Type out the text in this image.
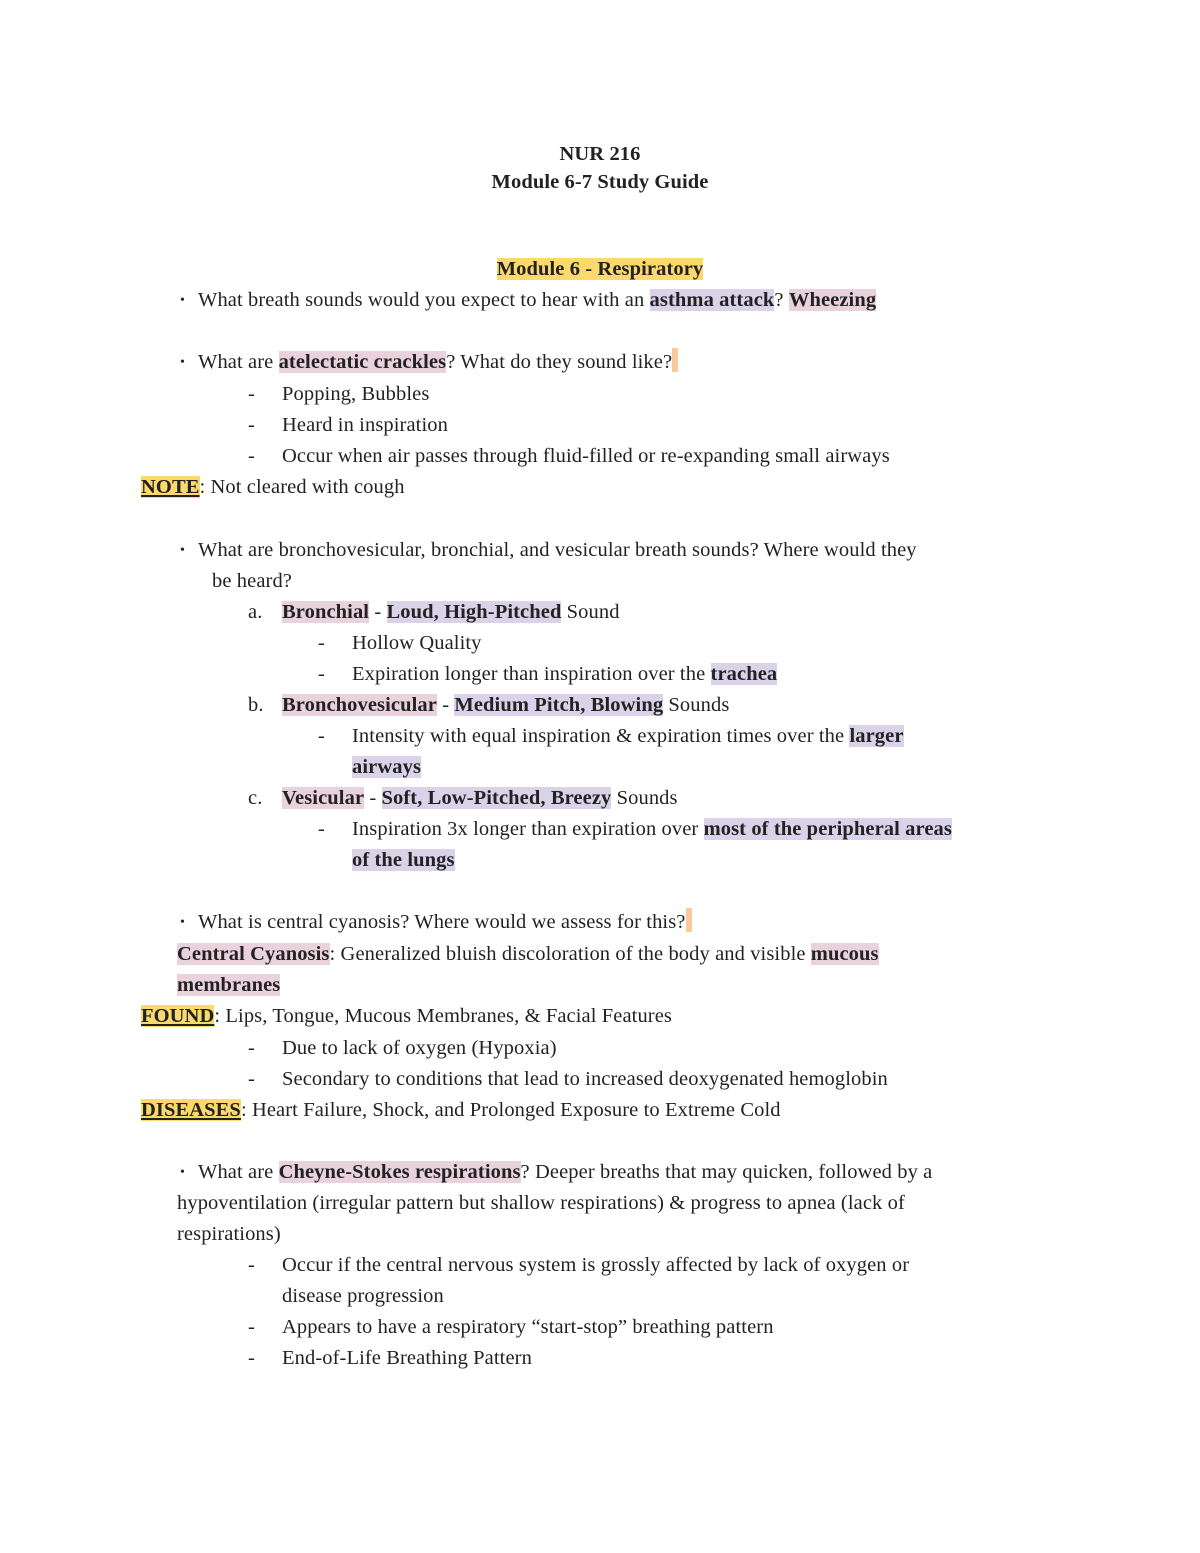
NUR 216
Module 6-7 Study Guide
Module 6 - Respiratory
• What breath sounds would you expect to hear with an asthma attack? Wheezing
• What are atelectatic crackles? What do they sound like?
- Popping, Bubbles
- Heard in inspiration
- Occur when air passes through fluid-filled or re-expanding small airways
NOTE: Not cleared with cough
• What are bronchovesicular, bronchial, and vesicular breath sounds? Where would they
be heard?
a. Bronchial - Loud, High-Pitched Sound
- Hollow Quality
- Expiration longer than inspiration over the trachea
b. Bronchovesicular - Medium Pitch, Blowing Sounds
- Intensity with equal inspiration & expiration times over the larger
airways
c. Vesicular - Soft, Low-Pitched, Breezy Sounds
- Inspiration 3x longer than expiration over most of the peripheral areas
of the lungs
• What is central cyanosis? Where would we assess for this?
Central Cyanosis: Generalized bluish discoloration of the body and visible mucous
membranes
FOUND: Lips, Tongue, Mucous Membranes, & Facial Features
- Due to lack of oxygen (Hypoxia)
- Secondary to conditions that lead to increased deoxygenated hemoglobin
DISEASES: Heart Failure, Shock, and Prolonged Exposure to Extreme Cold
• What are Cheyne-Stokes respirations? Deeper breaths that may quicken, followed by a
hypoventilation (irregular pattern but shallow respirations) & progress to apnea (lack of
respirations)
- Occur if the central nervous system is grossly affected by lack of oxygen or
disease progression
- Appears to have a respiratory “start-stop” breathing pattern
- End-of-Life Breathing Pattern
